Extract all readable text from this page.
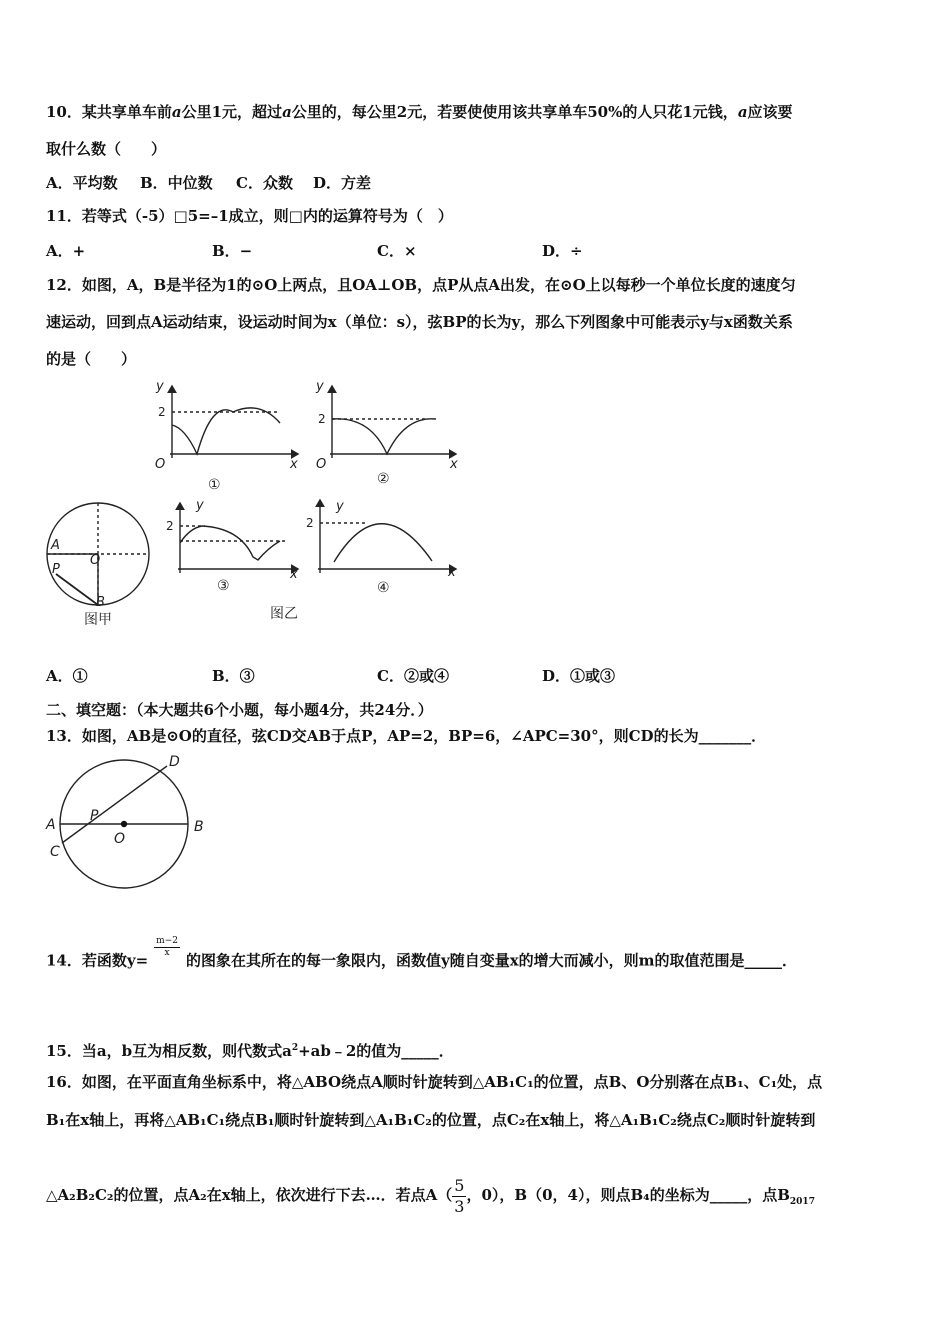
10．某共享单车前a公里1元，超过a公里的，每公里2元，若要使使用该共享单车50%的人只花1元钱，a应该要
取什么数（　　）
A．平均数 B．中位数 C．众数 D．方差
11．若等式（-5）□5=–1成立，则□内的运算符号为（　）
A．+	B．−	C．×	D．÷
12．如图，A，B是半径为1的⊙O上两点，且OA⊥OB，点P从点A出发，在⊙O上以每秒一个单位长度的速度匀
速运动，回到点A运动结束，设运动时间为x（单位：s），弦BP的长为y，那么下列图象中可能表示y与x函数关系
的是（　　）
y
x
O
y
x
O
y
x
y
x
A
P
O
B
2	2
2	2
①	②
③	④
图甲	图乙
A．①	B．③	C．②或④	D．①或③
二、填空题：（本大题共6个小题，每小题4分，共24分．）
13．如图，AB是⊙O的直径，弦CD交AB于点P，AP=2，BP=6，∠APC=30°，则CD的长为_______．
D
A
P
O
B
C
14．若函数y=
$\frac{m-2}{x}$
的图象在其所在的每一象限内，函数值y随自变量x的增大而减小，则m的取值范围是_____．
15．当a，b互为相反数，则代数式$a^2+ab﹣2$的值为_____．
16．如图，在平面直角坐标系中，将△ABO绕点A顺时针旋转到△AB₁C₁的位置，点B、O分别落在点B₁、C₁处，点
B₁在x轴上，再将△AB₁C₁绕点B₁顺时针旋转到△A₁B₁C₂的位置，点C₂在x轴上，将△A₁B₁C₂绕点C₂顺时针旋转到
△A₂B₂C₂的位置，点A₂在x轴上，依次进行下去…．若点$A( \frac{5}{3}$ ，0），B（0，4），则点B₄的坐标为_____，点$B_{2017}$
